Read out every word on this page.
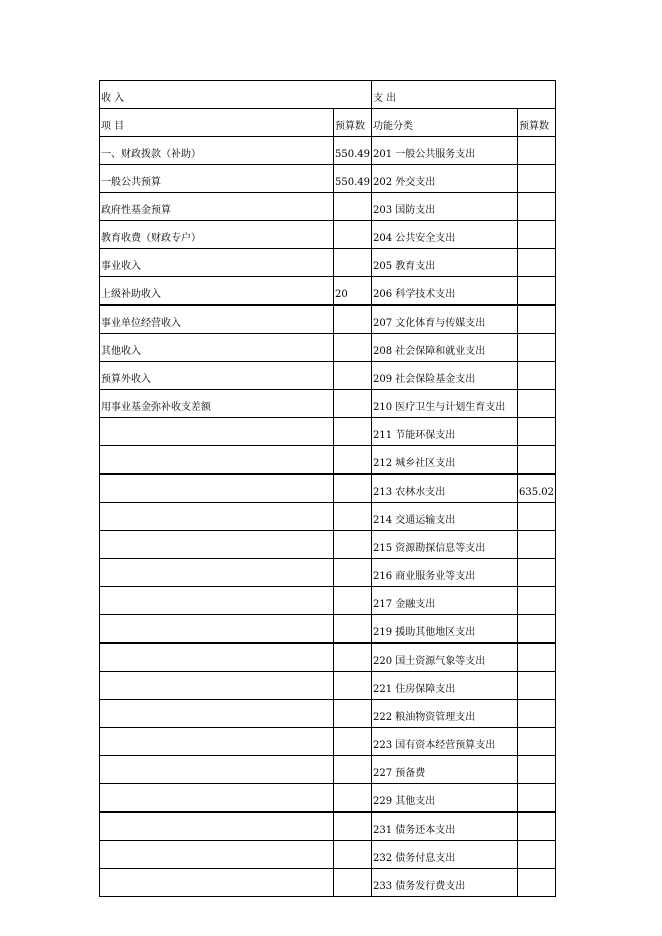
收 入		支 出	
项 目	预算数	功能分类	预算数
一、财政拨款（补助）	550.49	201 一般公共服务支出	
一般公共预算	550.49	202 外交支出	
政府性基金预算		203 国防支出	
教育收费（财政专户）		204 公共安全支出	
事业收入		205 教育支出	
上级补助收入	20	206 科学技术支出	
事业单位经营收入		207 文化体育与传媒支出	
其他收入		208 社会保障和就业支出	
预算外收入		209 社会保险基金支出	
用事业基金弥补收支差额		210 医疗卫生与计划生育支出	
		211 节能环保支出	
		212 城乡社区支出	
		213 农林水支出	635.02
		214 交通运输支出	
		215 资源勘探信息等支出	
		216 商业服务业等支出	
		217 金融支出	
		219 援助其他地区支出	
		220 国土资源气象等支出	
		221 住房保障支出	
		222 粮油物资管理支出	
		223 国有资本经营预算支出	
		227 预备费	
		229 其他支出	
		231 债务还本支出	
		232 债务付息支出	
		233 债务发行费支出	
